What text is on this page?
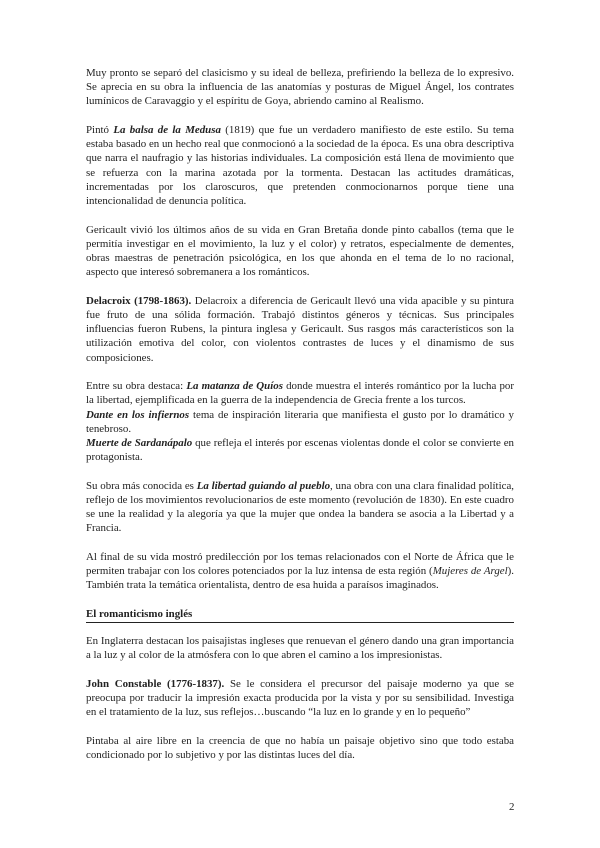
Muy pronto se separó del clasicismo y su ideal de belleza, prefiriendo la belleza de lo expresivo. Se aprecia en su obra la influencia de las anatomías y posturas de Miguel Ángel, los contrates lumínicos de Caravaggio y el espíritu de Goya, abriendo camino al Realismo.

Pintó La balsa de la Medusa (1819) que fue un verdadero manifiesto de este estilo. Su tema estaba basado en un hecho real que conmocionó a la sociedad de la época. Es una obra descriptiva que narra el naufragio y las historias individuales. La composición está llena de movimiento que se refuerza con la marina azotada por la tormenta. Destacan las actitudes dramáticas, incrementadas por los claroscuros, que pretenden conmocionarnos porque tiene una intencionalidad de denuncia política.

Gericault vivió los últimos años de su vida en Gran Bretaña donde pinto caballos (tema que le permitía investigar en el movimiento, la luz y el color) y retratos, especialmente de dementes, obras maestras de penetración psicológica, en los que ahonda en el tema de lo no racional, aspecto que interesó sobremanera a los románticos.

Delacroix (1798-1863). Delacroix a diferencia de Gericault llevó una vida apacible y su pintura fue fruto de una sólida formación. Trabajó distintos géneros y técnicas. Sus principales influencias fueron Rubens, la pintura inglesa y Gericault. Sus rasgos más característicos son la utilización emotiva del color, con violentos contrastes de luces y el dinamismo de sus composiciones.

Entre su obra destaca: La matanza de Quíos donde muestra el interés romántico por la lucha por la libertad, ejemplificada en la guerra de la independencia de Grecia frente a los turcos.

Dante en los infiernos tema de inspiración literaria que manifiesta el gusto por lo dramático y tenebroso.

Muerte de Sardanápalo que refleja el interés por escenas violentas donde el color se convierte en protagonista.

Su obra más conocida es La libertad guiando al pueblo, una obra con una clara finalidad política, reflejo de los movimientos revolucionarios de este momento (revolución de 1830). En este cuadro se une la realidad y la alegoría ya que la mujer que ondea la bandera se asocia a la Libertad y a Francia.

Al final de su vida mostró predilección por los temas relacionados con el Norte de África que le permiten trabajar con los colores potenciados por la luz intensa de esta región (Mujeres de Argel). También trata la temática orientalista, dentro de esa huida a paraísos imaginados.

El romanticismo inglés

En Inglaterra destacan los paisajistas ingleses que renuevan el género dando una gran importancia a la luz y al color de la atmósfera con lo que abren el camino a los impresionistas.

John Constable (1776-1837). Se le considera el precursor del paisaje moderno ya que se preocupa por traducir la impresión exacta producida por la vista y por su sensibilidad. Investiga en el tratamiento de la luz, sus reflejos…buscando “la luz en lo grande y en lo pequeño”

Pintaba al aire libre en la creencia de que no había un paisaje objetivo sino que todo estaba condicionado por lo subjetivo y por las distintas luces del día.

2
